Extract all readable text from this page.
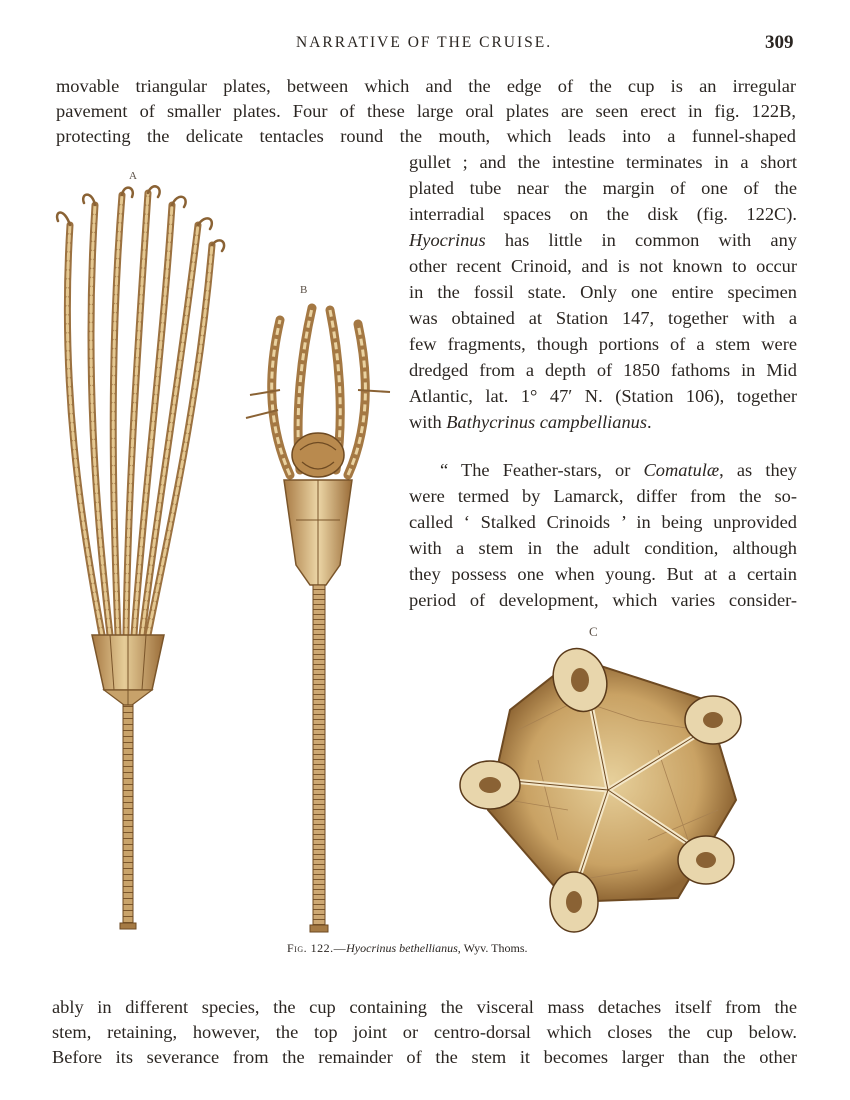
NARRATIVE OF THE CRUISE.	309
movable triangular plates, between which and the edge of the cup is an irregular
pavement of smaller plates. Four of these large oral plates are seen erect in fig. 122B,
protecting the delicate tentacles round the mouth, which leads into a funnel-shaped
gullet ; and the intestine terminates in a short
plated tube near the margin of one of the
interradial spaces on the disk (fig. 122C).
Hyocrinus has little in common with any
other recent Crinoid, and is not known to occur
in the fossil state. Only one entire specimen
was obtained at Station 147, together with a
few fragments, though portions of a stem were
dredged from a depth of 1850 fathoms in Mid
Atlantic, lat. 1° 47′ N. (Station 106), together
with Bathycrinus campbellianus.
“ The Feather-stars, or Comatulæ, as they
were termed by Lamarck, differ from the so-
called ‘ Stalked Crinoids ’ in being unprovided
with a stem in the adult condition, although
they possess one when young. But at a certain
period of development, which varies consider-
A
B
C
Fig. 122.—Hyocrinus bethellianus, Wyv. Thoms.
ably in different species, the cup containing the visceral mass detaches itself from the
stem, retaining, however, the top joint or centro-dorsal which closes the cup below.
Before its severance from the remainder of the stem it becomes larger than the other
